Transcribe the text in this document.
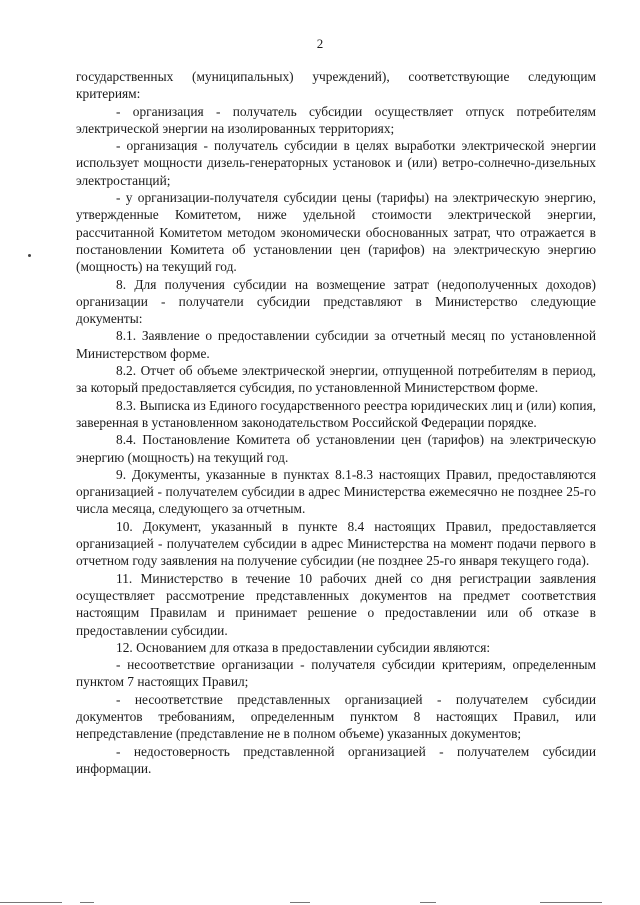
2

государственных (муниципальных) учреждений), соответствующие следующим критериям:

- организация - получатель субсидии осуществляет отпуск потребителям электрической энергии на изолированных территориях;

- организация - получатель субсидии в целях выработки электрической энергии использует мощности дизель-генераторных установок и (или) ветро-солнечно-дизельных электростанций;

- у организации-получателя субсидии цены (тарифы) на электрическую энергию, утвержденные Комитетом, ниже удельной стоимости электрической энергии, рассчитанной Комитетом методом экономически обоснованных затрат, что отражается в постановлении Комитета об установлении цен (тарифов) на электрическую энергию (мощность) на текущий год.

8. Для получения субсидии на возмещение затрат (недополученных доходов) организации - получатели субсидии представляют в Министерство следующие документы:

8.1. Заявление о предоставлении субсидии за отчетный месяц по установленной Министерством форме.

8.2. Отчет об объеме электрической энергии, отпущенной потребителям в период, за который предоставляется субсидия, по установленной Министерством форме.

8.3. Выписка из Единого государственного реестра юридических лиц и (или) копия, заверенная в установленном законодательством Российской Федерации порядке.

8.4. Постановление Комитета об установлении цен (тарифов) на электрическую энергию (мощность) на текущий год.

9. Документы, указанные в пунктах 8.1-8.3 настоящих Правил, предоставляются организацией - получателем субсидии в адрес Министерства ежемесячно не позднее 25-го числа месяца, следующего за отчетным.

10. Документ, указанный в пункте 8.4 настоящих Правил, предоставляется организацией - получателем субсидии в адрес Министерства на момент подачи первого в отчетном году заявления на получение субсидии (не позднее 25-го января текущего года).

11. Министерство в течение 10 рабочих дней со дня регистрации заявления осуществляет рассмотрение представленных документов на предмет соответствия настоящим Правилам и принимает решение о предоставлении или об отказе в предоставлении субсидии.

12. Основанием для отказа в предоставлении субсидии являются:

- несоответствие организации - получателя субсидии критериям, определенным пунктом 7 настоящих Правил;

- несоответствие представленных организацией - получателем субсидии документов требованиям, определенным пунктом 8 настоящих Правил, или непредставление (представление не в полном объеме) указанных документов;

- недостоверность представленной организацией - получателем субсидии информации.
